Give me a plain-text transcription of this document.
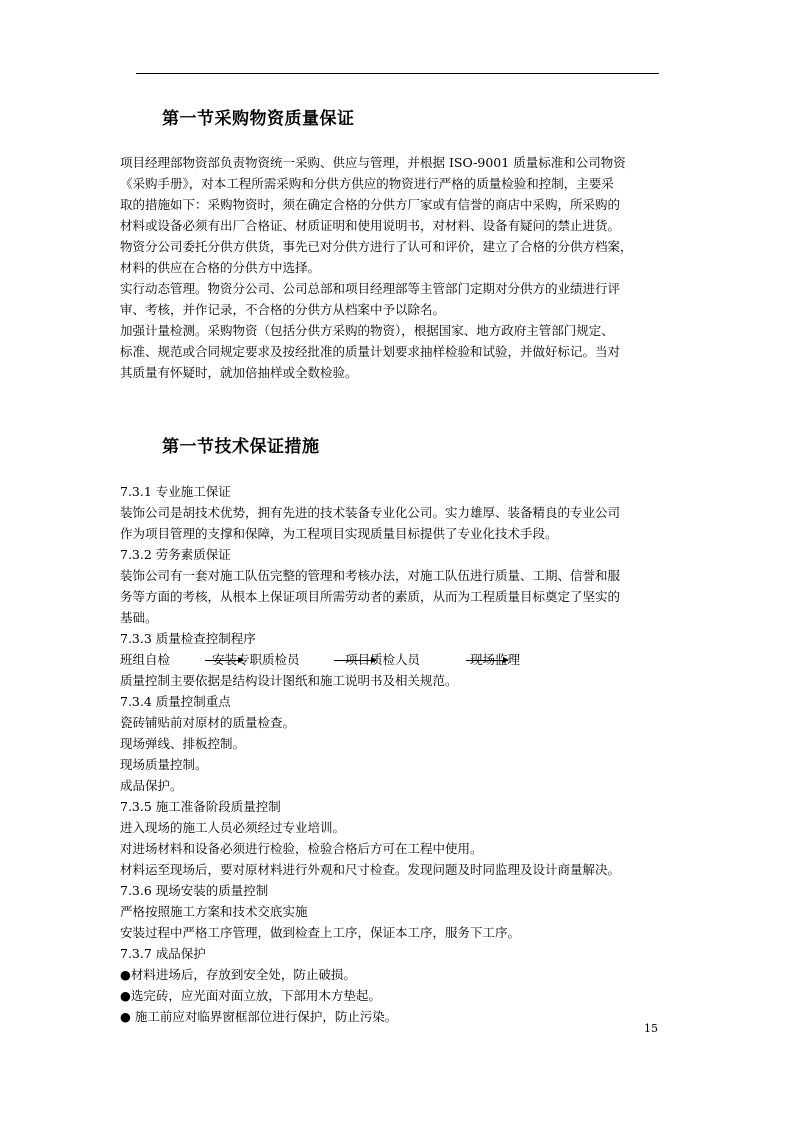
第一节采购物资质量保证
项目经理部物资部负责物资统一采购、供应与管理，并根据 ISO-9001 质量标准和公司物资
《采购手册》，对本工程所需采购和分供方供应的物资进行严格的质量检验和控制，主要采
取的措施如下：采购物资时，须在确定合格的分供方厂家或有信誉的商店中采购，所采购的
材料或设备必须有出厂合格证、材质证明和使用说明书，对材料、设备有疑问的禁止进货。
物资分公司委托分供方供货，事先已对分供方进行了认可和评价，建立了合格的分供方档案，
材料的供应在合格的分供方中选择。
实行动态管理。物资分公司、公司总部和项目经理部等主管部门定期对分供方的业绩进行评
审、考核，并作记录，不合格的分供方从档案中予以除名。
加强计量检测。采购物资（包括分供方采购的物资），根据国家、地方政府主管部门规定、
标准、规范或合同规定要求及按经批准的质量计划要求抽样检验和试验，并做好标记。当对
其质量有怀疑时，就加倍抽样或全数检验。
第一节技术保证措施
7.3.1 专业施工保证
装饰公司是胡技术优势，拥有先进的技术装备专业化公司。实力雄厚、装备精良的专业公司
作为项目管理的支撑和保障，为工程项目实现质量目标提供了专业化技术手段。
7.3.2 劳务素质保证
装饰公司有一套对施工队伍完整的管理和考核办法，对施工队伍进行质量、工期、信誉和服
务等方面的考核，从根本上保证项目所需劳动者的素质，从而为工程质量目标奠定了坚实的
基础。
7.3.3 质量检查控制程序
班组自检	安装专职质检员	项目质检人员	现场监理
质量控制主要依据是结构设计图纸和施工说明书及相关规范。
7.3.4 质量控制重点
瓷砖铺贴前对原材的质量检查。
现场弹线、排板控制。
现场质量控制。
成品保护。
7.3.5 施工准备阶段质量控制
进入现场的施工人员必须经过专业培训。
对进场材料和设备必须进行检验，检验合格后方可在工程中使用。
材料运至现场后，要对原材料进行外观和尺寸检查。发现问题及时同监理及设计商量解决。
7.3.6 现场安装的质量控制
严格按照施工方案和技术交底实施
安装过程中严格工序管理，做到检查上工序，保证本工序，服务下工序。
7.3.7 成品保护
●材料进场后，存放到安全处，防止破损。
●选完砖，应光面对面立放，下部用木方垫起。
● 施工前应对临界窗框部位进行保护，防止污染。
15
